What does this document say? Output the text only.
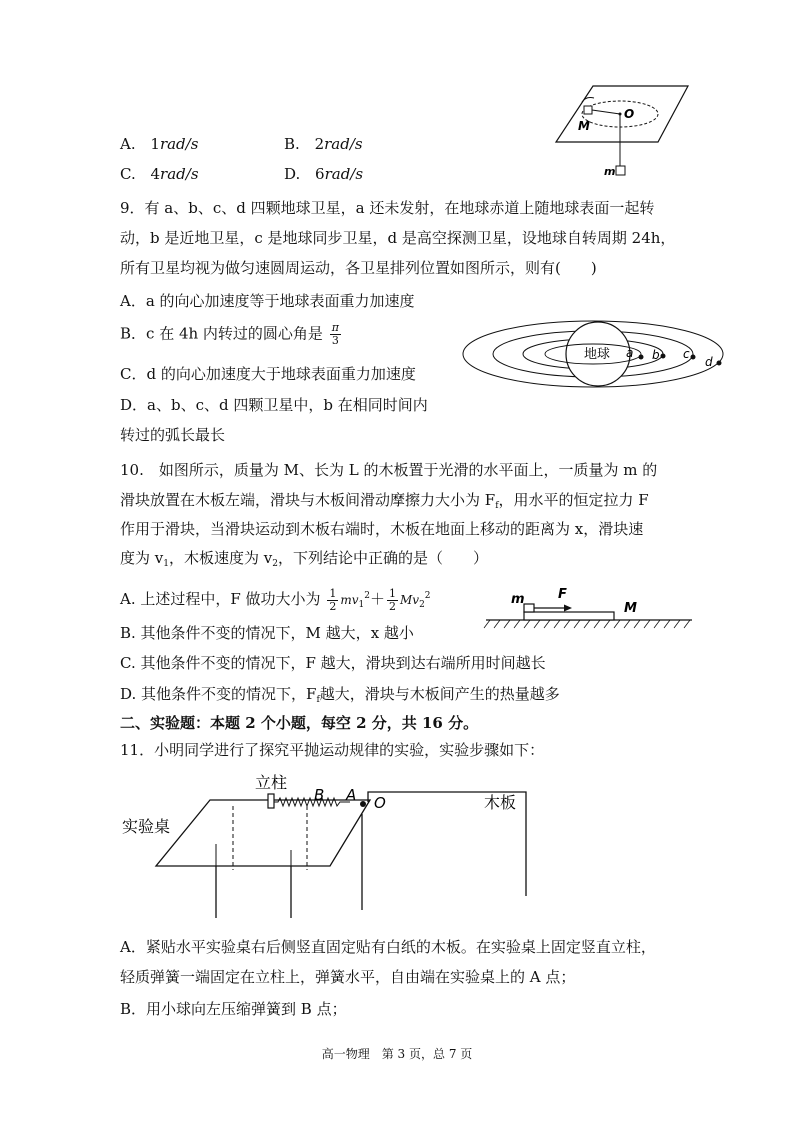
A. 1rad/s	B. 2rad/s
C. 4rad/s	D. 6rad/s
M
O
m
9．有 a、b、c、d 四颗地球卫星，a 还未发射，在地球赤道上随地球表面一起转
动，b 是近地卫星，c 是地球同步卫星，d 是高空探测卫星，设地球自转周期 24h，
所有卫星均视为做匀速圆周运动，各卫星排列位置如图所示，则有(　　)
A．a 的向心加速度等于地球表面重力加速度
B．c 在 4h 内转过的圆心角是 $\frac{\pi}{3}$
C．d 的向心加速度大于地球表面重力加速度
D．a、b、c、d 四颗卫星中，b 在相同时间内
转过的弧长最长
地球 a b c
d
10.　如图所示，质量为 M、长为 L 的木板置于光滑的水平面上，一质量为 m 的
滑块放置在木板左端，滑块与木板间滑动摩擦力大小为 $F_f$，用水平的恒定拉力 F
作用于滑块，当滑块运动到木板右端时，木板在地面上移动的距离为 x，滑块速
度为 $v_1$，木板速度为 $v_2$，下列结论中正确的是（　　）
A. 上述过程中，F 做功大小为 $\frac{1}{2} mv_1^2+ \frac{1}{2} Mv_2^2$
B. 其他条件不变的情况下，M 越大，x 越小
C. 其他条件不变的情况下，F 越大，滑块到达右端所用时间越长
D. 其他条件不变的情况下，$F_f$越大，滑块与木板间产生的热量越多
m	F
M
二、实验题：本题 2 个小题，每空 2 分，共 16 分。
11．小明同学进行了探究平抛运动规律的实验，实验步骤如下：
立柱
B A O	木板
实验桌
A．紧贴水平实验桌右后侧竖直固定贴有白纸的木板。在实验桌上固定竖直立柱，
轻质弹簧一端固定在立柱上，弹簧水平，自由端在实验桌上的 A 点；
B．用小球向左压缩弹簧到 B 点；
高一物理　第 3 页，总 7 页
